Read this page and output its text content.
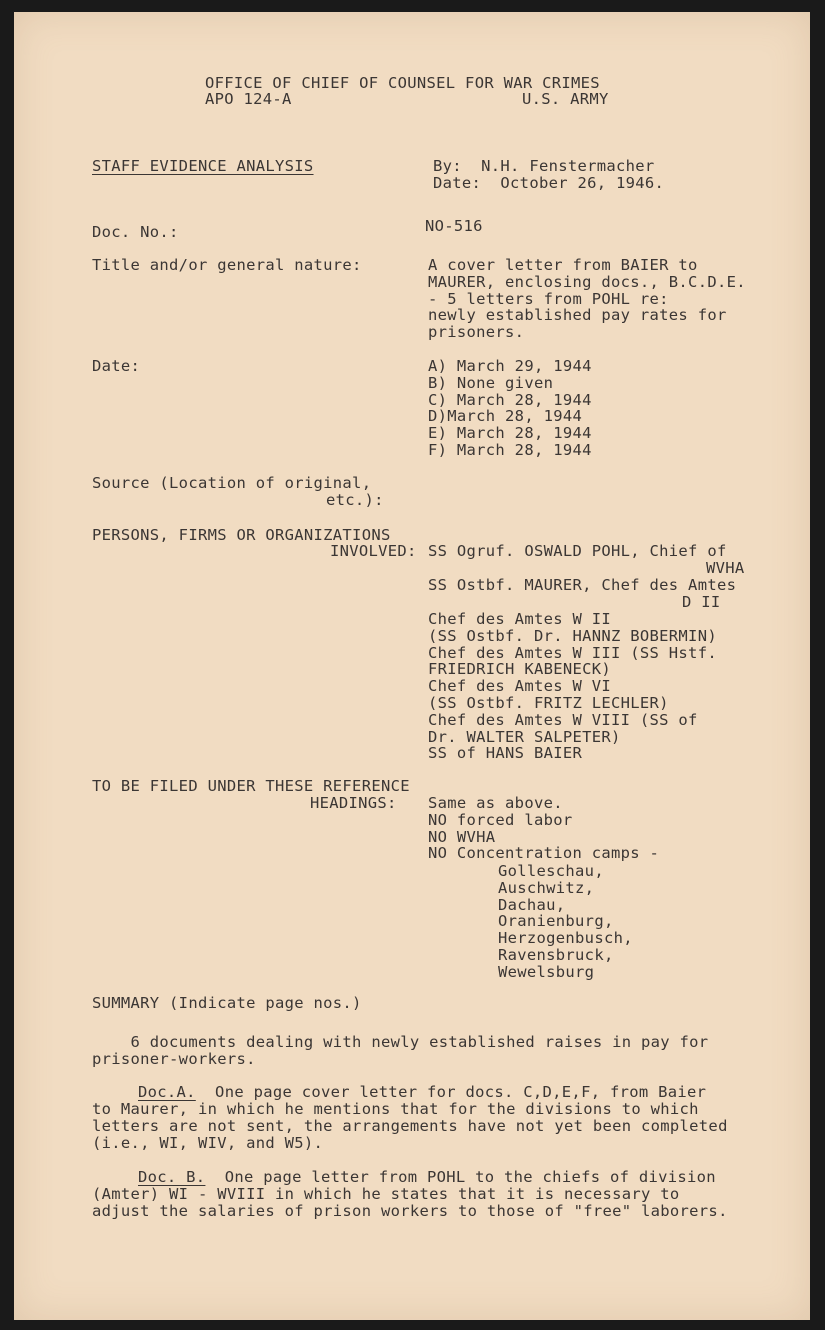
OFFICE OF CHIEF OF COUNSEL FOR WAR CRIMES

APO 124-A	U.S. ARMY

STAFF EVIDENCE ANALYSIS	By:  N.H. Fenstermacher

Date:  October 26, 1946.

Doc. No.:	NO-516

Title and/or general nature:	A cover letter from BAIER to
MAURER, enclosing docs., B.C.D.E.
- 5 letters from POHL re:
newly established pay rates for
prisoners.

Date:	A) March 29, 1944
B) None given
C) March 28, 1944
D)March 28, 1944
E) March 28, 1944
F) March 28, 1944

Source (Location of original,

etc.):

PERSONS, FIRMS OR ORGANIZATIONS

INVOLVED: SS Ogruf. OSWALD POHL, Chief of

WVHA

SS Ostbf. MAURER, Chef des Amtes

D II

Chef des Amtes W II
(SS Ostbf. Dr. HANNZ BOBERMIN)
Chef des Amtes W III (SS Hstf.
FRIEDRICH KABENECK)
Chef des Amtes W VI
(SS Ostbf. FRITZ LECHLER)
Chef des Amtes W VIII (SS of
Dr. WALTER SALPETER)
SS of HANS BAIER

TO BE FILED UNDER THESE REFERENCE

HEADINGS: Same as above.
NO forced labor
NO WVHA
NO Concentration camps -
Golleschau,
Auschwitz,
Dachau,
Oranienburg,
Herzogenbusch,
Ravensbruck,
Wewelsburg

SUMMARY (Indicate page nos.)

6 documents dealing with newly established raises in pay for

prisoner-workers.

Doc.A.  One page cover letter for docs. C,D,E,F, from Baier

to Maurer, in which he mentions that for the divisions to which

letters are not sent, the arrangements have not yet been completed

(i.e., WI, WIV, and W5).

Doc. B.  One page letter from POHL to the chiefs of division

(Amter) WI - WVIII in which he states that it is necessary to

adjust the salaries of prison workers to those of "free" laborers.
